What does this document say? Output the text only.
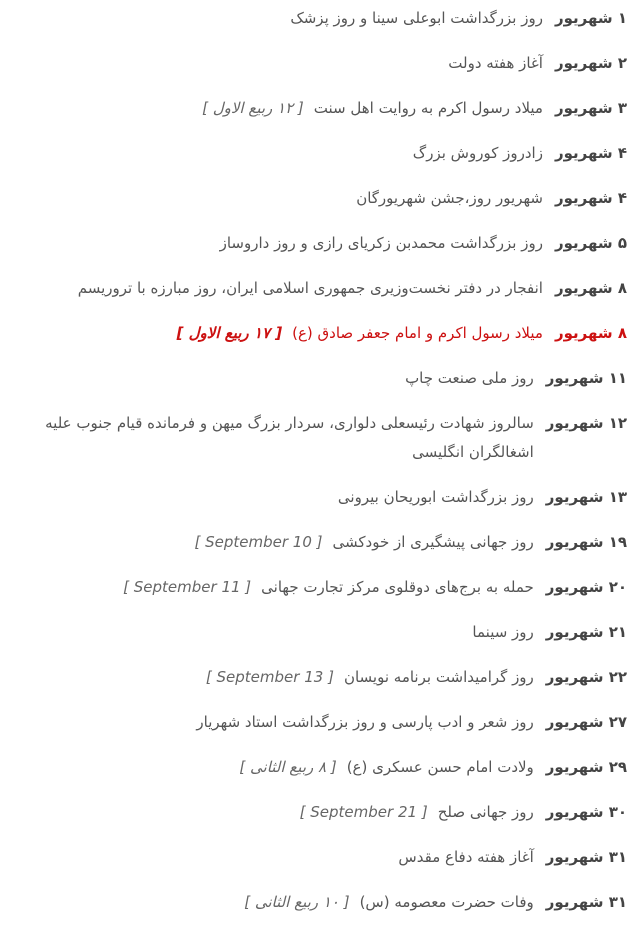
۱ شهریور
روز بزرگداشت ابوعلی سینا و روز پزشک
۲ شهریور
آغاز هفته دولت
۳ شهریور
میلاد رسول اکرم به روایت اهل سنت[ ۱۲ ربیع الاول ]
۴ شهریور
زادروز کوروش بزرگ
۴ شهریور
شهریور روز،جشن شهریورگان
۵ شهریور
روز بزرگداشت محمدبن زکریای رازی و روز داروساز
۸ شهریور
انفجار در دفتر نخست‌وزیری جمهوری اسلامی ایران، روز مبارزه با تروریسم
۸ شهریور
میلاد رسول اکرم و امام جعفر صادق (ع)[ ۱۷ ربیع الاول ]
۱۱ شهریور
روز ملی صنعت چاپ
۱۲ شهریور
سالروز شهادت رئیسعلی دلواری، سردار بزرگ میهن و فرمانده قیام جنوب علیه اشغالگران انگلیسی
۱۳ شهریور
روز بزرگداشت ابوریحان بیرونی
۱۹ شهریور
روز جهانی پیشگیری از خودکشی[ 10 September ]
۲۰ شهریور
حمله به برج‌های دوقلوی مرکز تجارت جهانی[ 11 September ]
۲۱ شهریور
روز سینما
۲۲ شهریور
روز گرامیداشت برنامه نویسان[ 13 September ]
۲۷ شهریور
روز شعر و ادب پارسی و روز بزرگداشت استاد شهریار
۲۹ شهریور
ولادت امام حسن عسکری (ع)[ ۸ ربیع الثانی ]
۳۰ شهریور
روز جهانی صلح[ 21 September ]
۳۱ شهریور
آغاز هفته دفاع مقدس
۳۱ شهریور
وفات حضرت معصومه (س)[ ۱۰ ربیع الثانی ]
